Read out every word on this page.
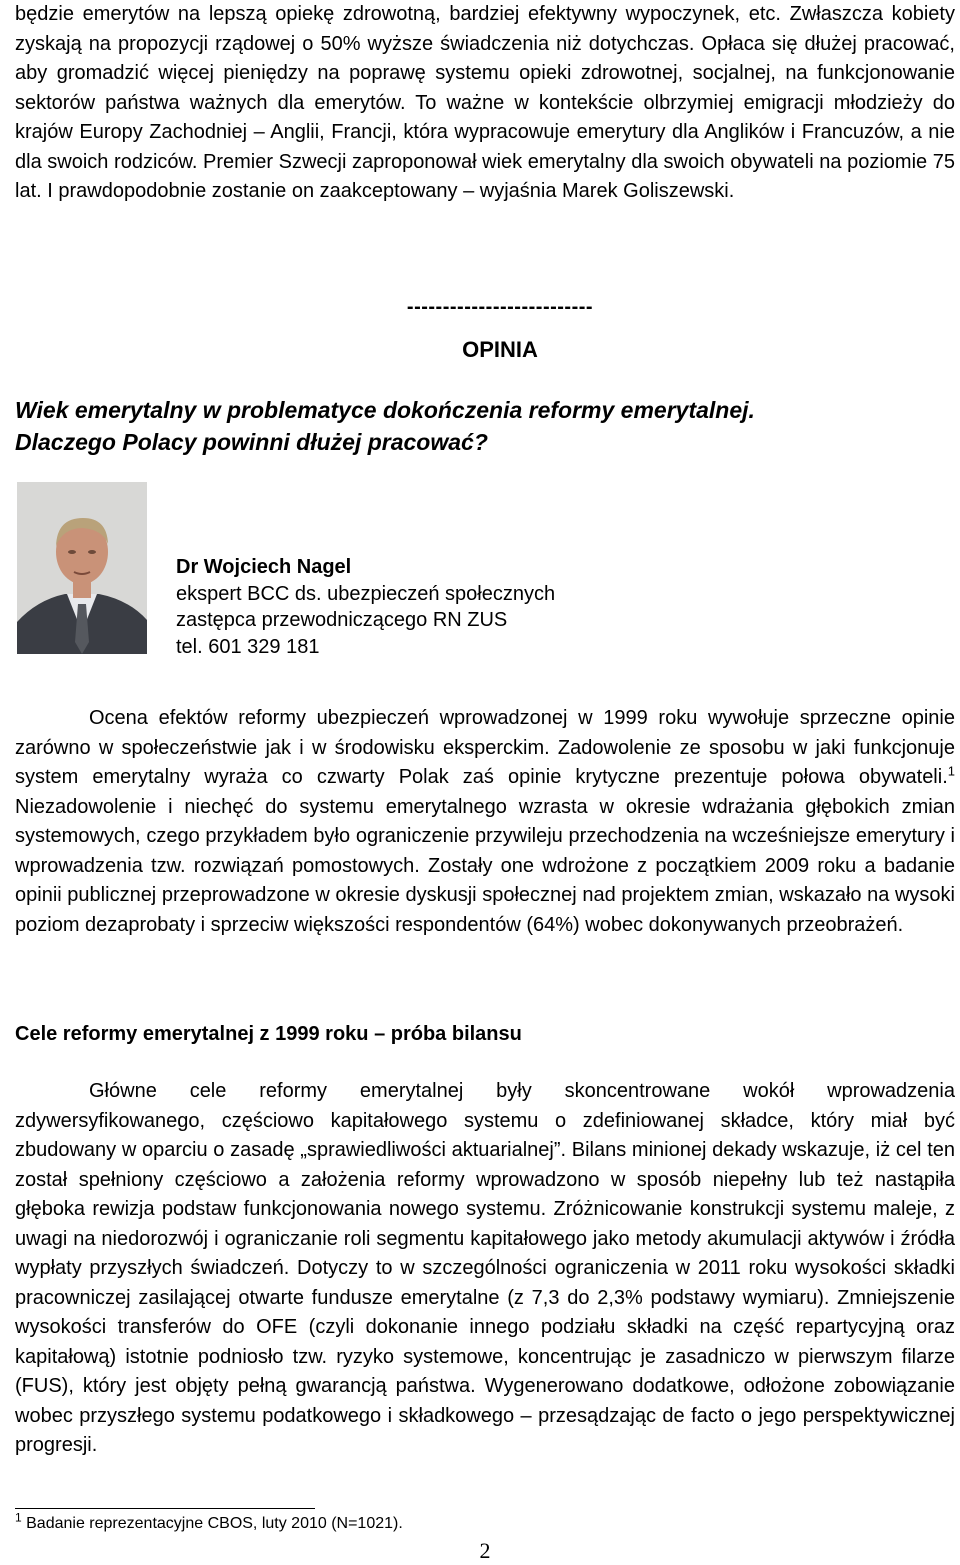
będzie emerytów na lepszą opiekę zdrowotną, bardziej efektywny wypoczynek, etc. Zwłaszcza kobiety zyskają na propozycji rządowej o 50% wyższe świadczenia niż dotychczas. Opłaca się dłużej pracować, aby gromadzić więcej pieniędzy na poprawę systemu opieki zdrowotnej, socjalnej, na funkcjonowanie sektorów państwa ważnych dla emerytów. To ważne w kontekście olbrzymiej emigracji młodzieży do krajów Europy Zachodniej – Anglii, Francji, która wypracowuje emerytury dla Anglików i Francuzów, a nie dla swoich rodziców. Premier Szwecji zaproponował wiek emerytalny dla swoich obywateli na poziomie 75 lat. I prawdopodobnie zostanie on zaakceptowany – wyjaśnia Marek Goliszewski.
--------------------------
OPINIA
Wiek emerytalny w problematyce dokończenia reformy emerytalnej.
Dlaczego Polacy powinni dłużej pracować?
Dr Wojciech Nagel
ekspert BCC ds. ubezpieczeń społecznych
zastępca przewodniczącego RN ZUS
tel. 601 329 181
Ocena efektów reformy ubezpieczeń wprowadzonej w 1999 roku wywołuje sprzeczne opinie zarówno w społeczeństwie jak i w środowisku eksperckim. Zadowolenie ze sposobu w jaki funkcjonuje system emerytalny wyraża co czwarty Polak zaś opinie krytyczne prezentuje połowa obywateli.$^1$ Niezadowolenie i niechęć do systemu emerytalnego wzrasta w okresie wdrażania głębokich zmian systemowych, czego przykładem było ograniczenie przywileju przechodzenia na wcześniejsze emerytury i wprowadzenia tzw. rozwiązań pomostowych. Zostały one wdrożone z początkiem 2009 roku a badanie opinii publicznej przeprowadzone w okresie dyskusji społecznej nad projektem zmian, wskazało na wysoki poziom dezaprobaty i sprzeciw większości respondentów (64%) wobec dokonywanych przeobrażeń.
Cele reformy emerytalnej z 1999 roku – próba bilansu
Główne cele reformy emerytalnej były skoncentrowane wokół wprowadzenia zdywersyfikowanego, częściowo kapitałowego systemu o zdefiniowanej składce, który miał być zbudowany w oparciu o zasadę „sprawiedliwości aktuarialnej”. Bilans minionej dekady wskazuje, iż cel ten został spełniony częściowo a założenia reformy wprowadzono w sposób niepełny lub też nastąpiła głęboka rewizja podstaw funkcjonowania nowego systemu. Zróżnicowanie konstrukcji systemu maleje, z uwagi na niedorozwój i ograniczanie roli segmentu kapitałowego jako metody akumulacji aktywów i źródła wypłaty przyszłych świadczeń. Dotyczy to w szczególności ograniczenia w 2011 roku wysokości składki pracowniczej zasilającej otwarte fundusze emerytalne (z 7,3 do 2,3% podstawy wymiaru). Zmniejszenie wysokości transferów do OFE (czyli dokonanie innego podziału składki na część repartycyjną oraz kapitałową) istotnie podniosło tzw. ryzyko systemowe, koncentrując je zasadniczo w pierwszym filarze (FUS), który jest objęty pełną gwarancją państwa. Wygenerowano dodatkowe, odłożone zobowiązanie wobec przyszłego systemu podatkowego i składkowego – przesądzając de facto o jego perspektywicznej progresji.
$^1$ Badanie reprezentacyjne CBOS, luty 2010 (N=1021).
2
